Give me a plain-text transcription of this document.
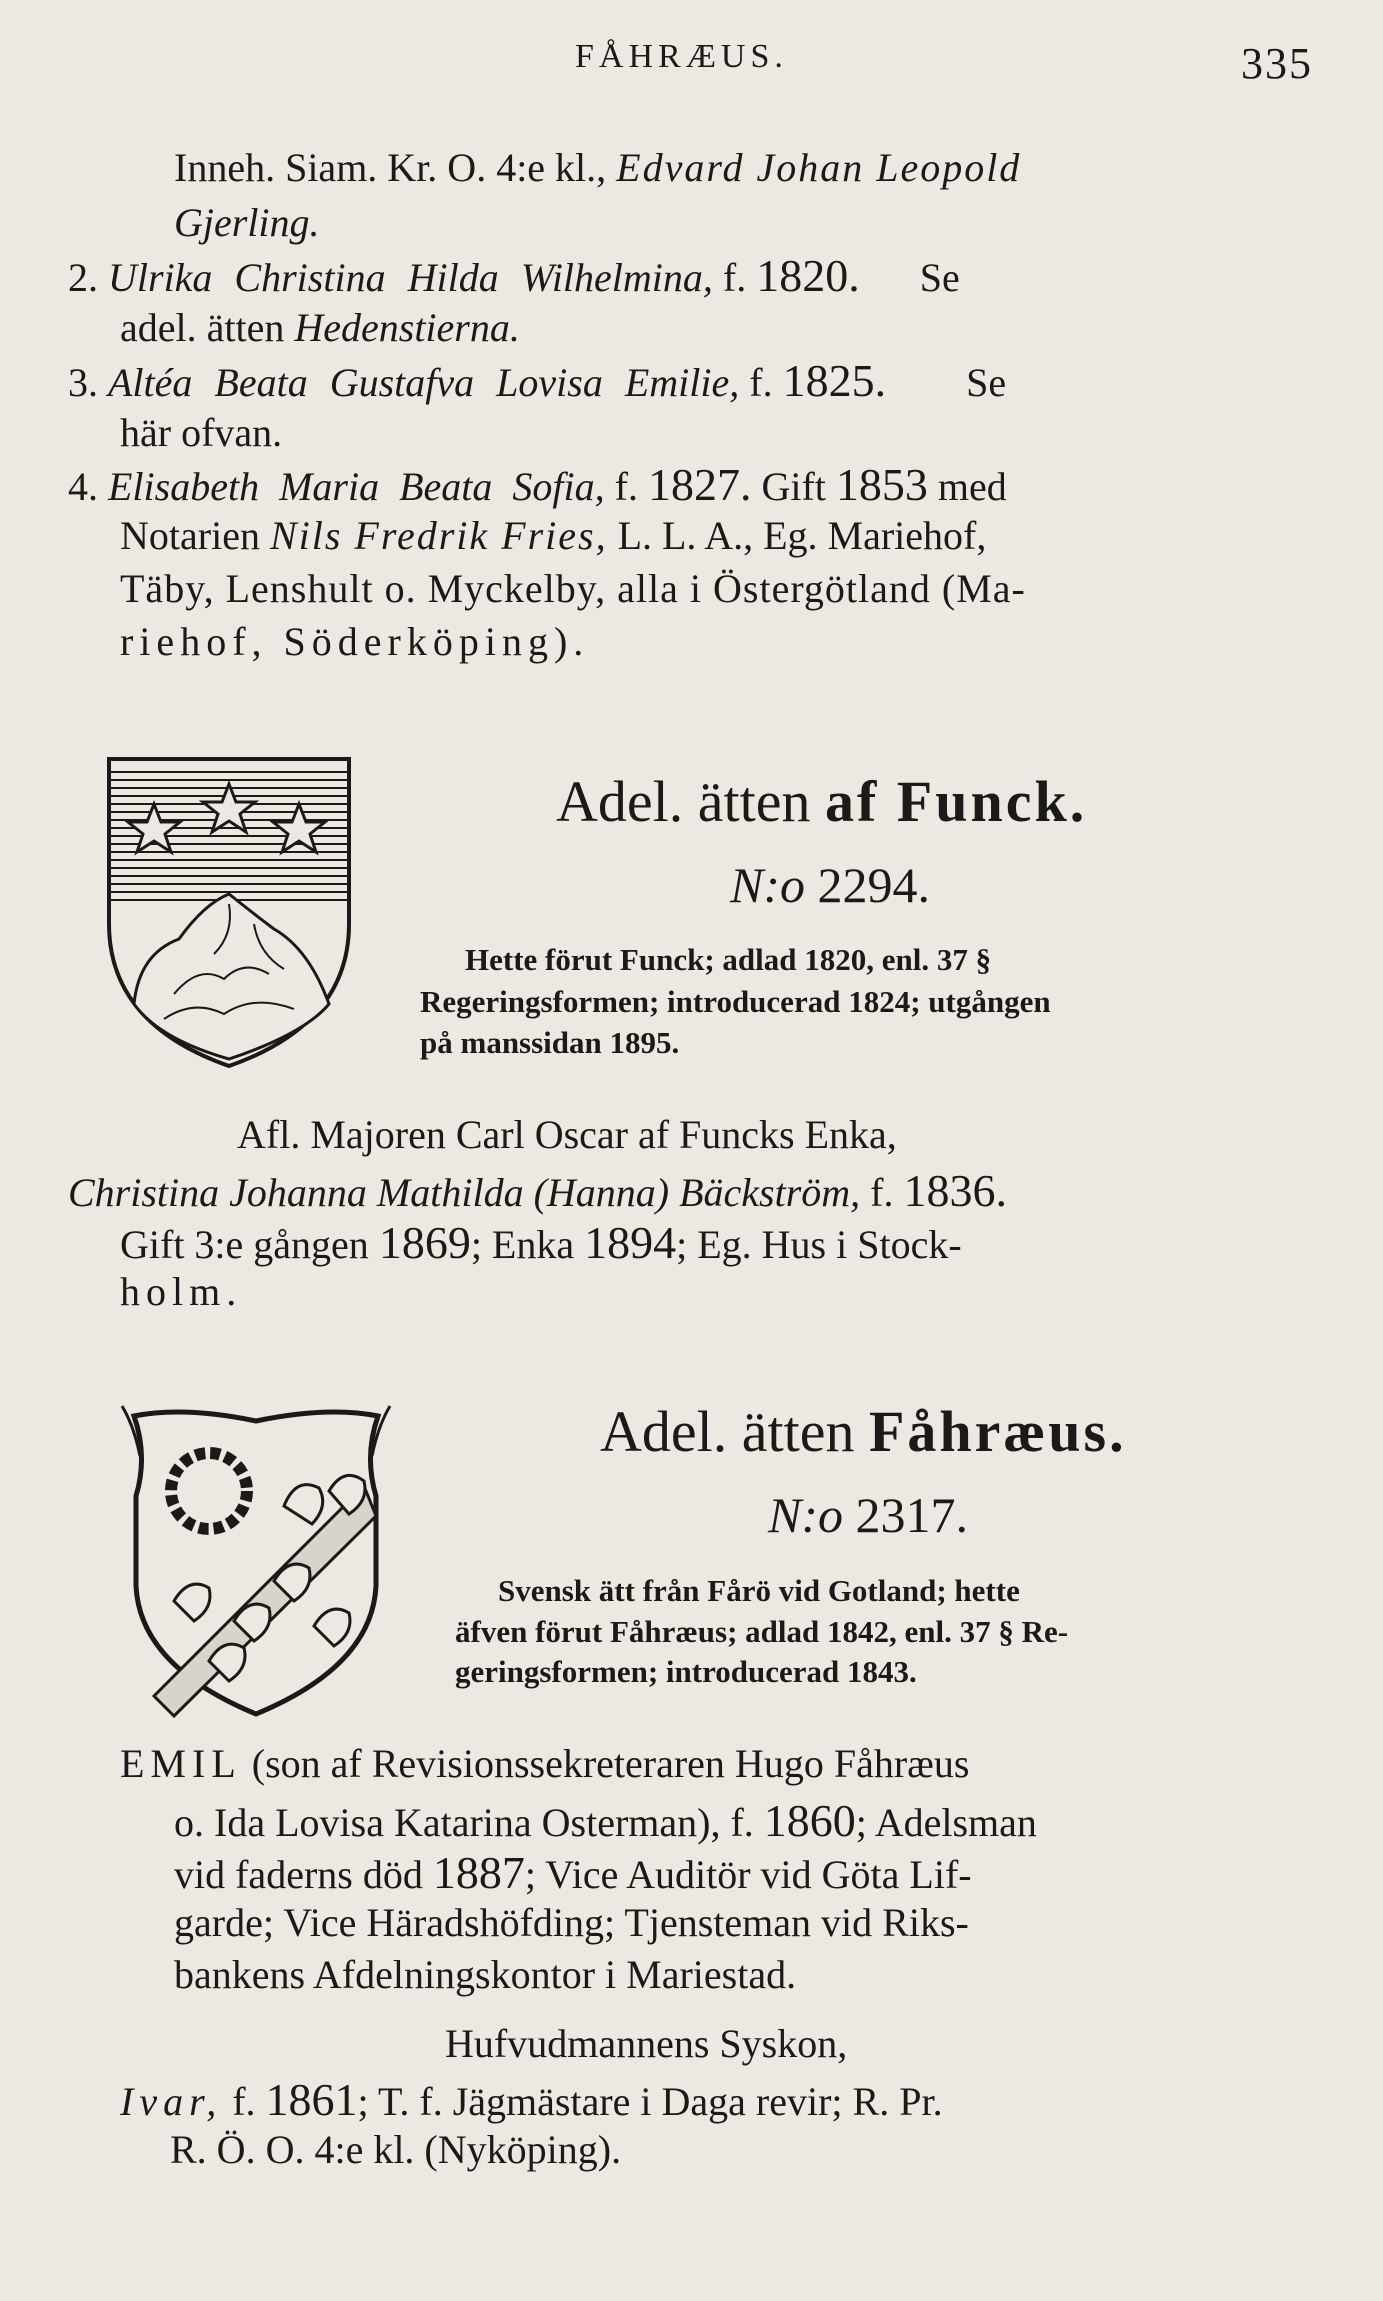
FÅHRÆUS.	335
Inneh. Siam. Kr. O. 4:e kl., Edvard Johan Leopold
Gjerling.
2. Ulrika Christina Hilda Wilhelmina, f. 1820. Se
adel. ätten Hedenstierna.
3. Altéa Beata Gustafva Lovisa Emilie, f. 1825. Se
här ofvan.
4. Elisabeth Maria Beata Sofia, f. 1827. Gift 1853 med
Notarien Nils Fredrik Fries, L. L. A., Eg. Mariehof,
Täby, Lenshult o. Myckelby, alla i Östergötland (Ma-
riehof, Söderköping).
Adel. ätten af Funck.
N:o 2294.
Hette förut Funck; adlad 1820, enl. 37 §
Regeringsformen; introducerad 1824; utgången
på manssidan 1895.
Afl. Majoren Carl Oscar af Funcks Enka,
Christina Johanna Mathilda (Hanna) Bäckström, f. 1836.
Gift 3:e gången 1869; Enka 1894; Eg. Hus i Stock-
holm.
Adel. ätten Fåhræus.
N:o 2317.
Svensk ätt från Fårö vid Gotland; hette
äfven förut Fåhræus; adlad 1842, enl. 37 § Re-
geringsformen; introducerad 1843.
EMIL (son af Revisionssekreteraren Hugo Fåhræus
o. Ida Lovisa Katarina Osterman), f. 1860; Adelsman
vid faderns död 1887; Vice Auditör vid Göta Lif-
garde; Vice Häradshöfding; Tjensteman vid Riks-
bankens Afdelningskontor i Mariestad.
Hufvudmannens Syskon,
Ivar, f. 1861; T. f. Jägmästare i Daga revir; R. Pr.
R. Ö. O. 4:e kl. (Nyköping).
